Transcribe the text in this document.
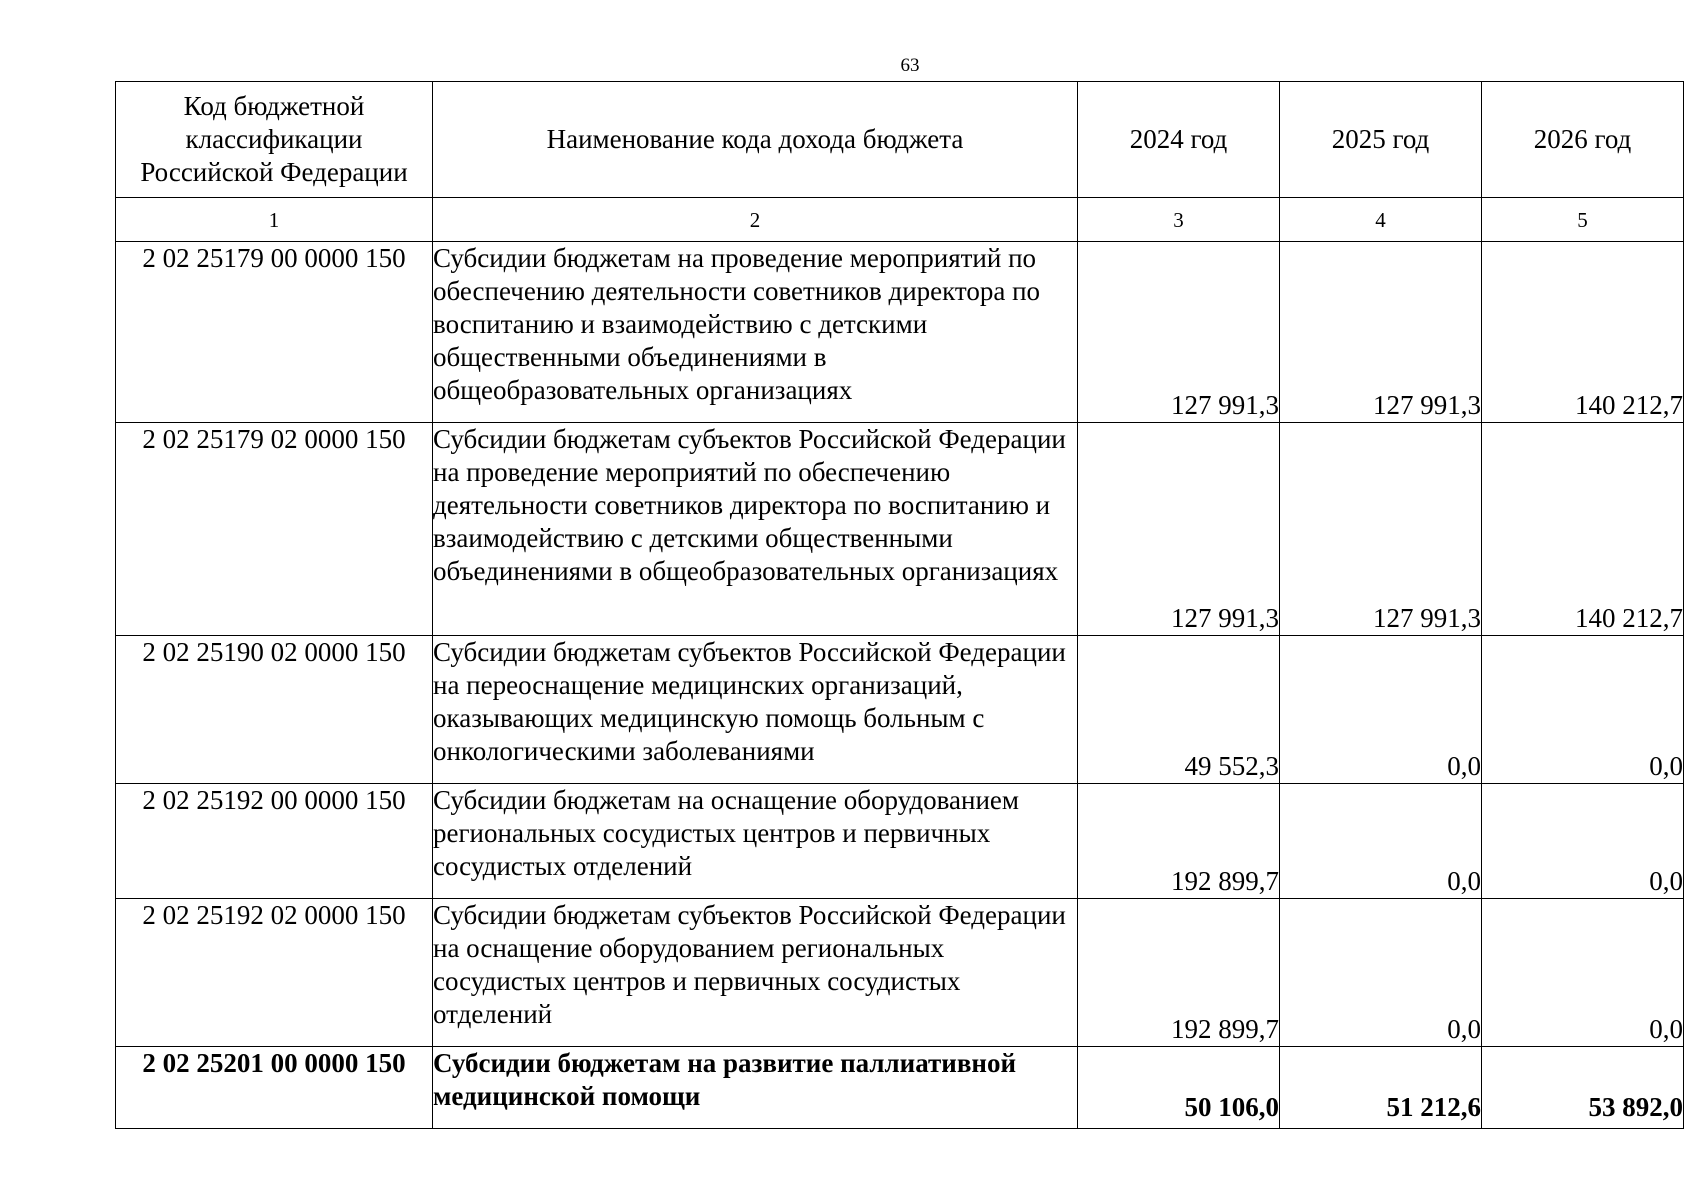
63
Код бюджетной классификации Российской Федерации	Наименование кода дохода бюджета	2024 год	2025 год	2026 год
1	2	3	4	5
2 02 25179 00 0000 150	Субсидии бюджетам на проведение мероприятий по обеспечению деятельности советников директора по воспитанию и взаимодействию с детскими общественными объединениями в общеобразовательных организациях	127 991,3	127 991,3	140 212,7
2 02 25179 02 0000 150	Субсидии бюджетам субъектов Российской Федерации на проведение мероприятий по обеспечению деятельности советников директора по воспитанию и взаимодействию с детскими общественными объединениями в общеобразовательных организациях	127 991,3	127 991,3	140 212,7
2 02 25190 02 0000 150	Субсидии бюджетам субъектов Российской Федерации на переоснащение медицинских организаций, оказывающих медицинскую помощь больным с онкологическими заболеваниями	49 552,3	0,0	0,0
2 02 25192 00 0000 150	Субсидии бюджетам на оснащение оборудованием региональных сосудистых центров и первичных сосудистых отделений	192 899,7	0,0	0,0
2 02 25192 02 0000 150	Субсидии бюджетам субъектов Российской Федерации на оснащение оборудованием региональных сосудистых центров и первичных сосудистых отделений	192 899,7	0,0	0,0
2 02 25201 00 0000 150	Субсидии бюджетам на развитие паллиативной медицинской помощи	50 106,0	51 212,6	53 892,0
